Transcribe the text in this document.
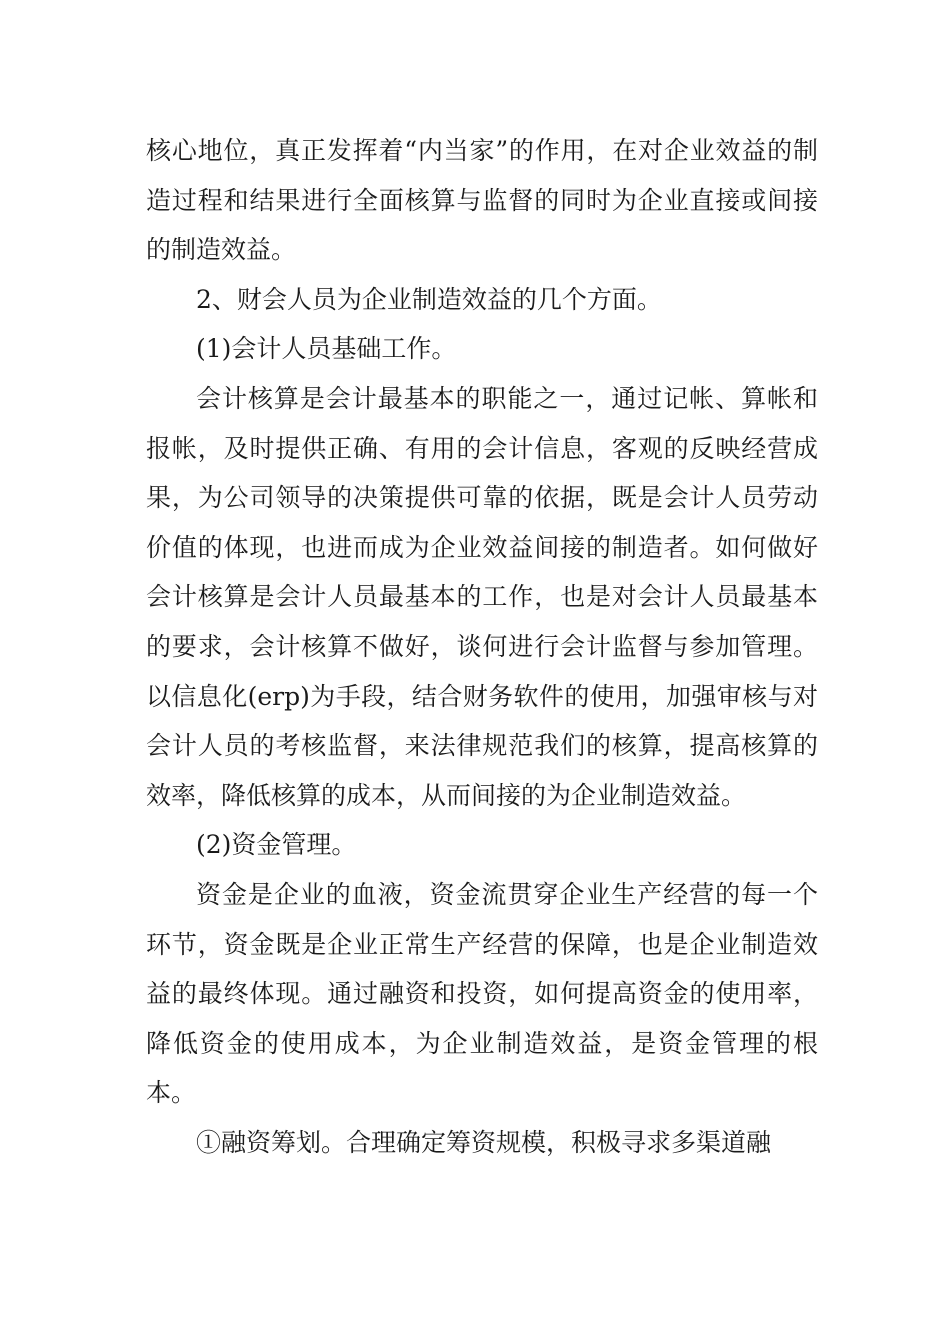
核心地位，真正发挥着“内当家”的作用，在对企业效益的制造过程和结果进行全面核算与监督的同时为企业直接或间接的制造效益。

2、财会人员为企业制造效益的几个方面。

(1)会计人员基础工作。

会计核算是会计最基本的职能之一，通过记帐、算帐和报帐，及时提供正确、有用的会计信息，客观的反映经营成果，为公司领导的决策提供可靠的依据，既是会计人员劳动价值的体现，也进而成为企业效益间接的制造者。如何做好会计核算是会计人员最基本的工作，也是对会计人员最基本的要求，会计核算不做好，谈何进行会计监督与参加管理。以信息化(erp)为手段，结合财务软件的使用，加强审核与对会计人员的考核监督，来法律规范我们的核算，提高核算的效率，降低核算的成本，从而间接的为企业制造效益。

(2)资金管理。

资金是企业的血液，资金流贯穿企业生产经营的每一个环节，资金既是企业正常生产经营的保障，也是企业制造效益的最终体现。通过融资和投资，如何提高资金的使用率，降低资金的使用成本，为企业制造效益，是资金管理的根本。

①融资筹划。合理确定筹资规模，积极寻求多渠道融
